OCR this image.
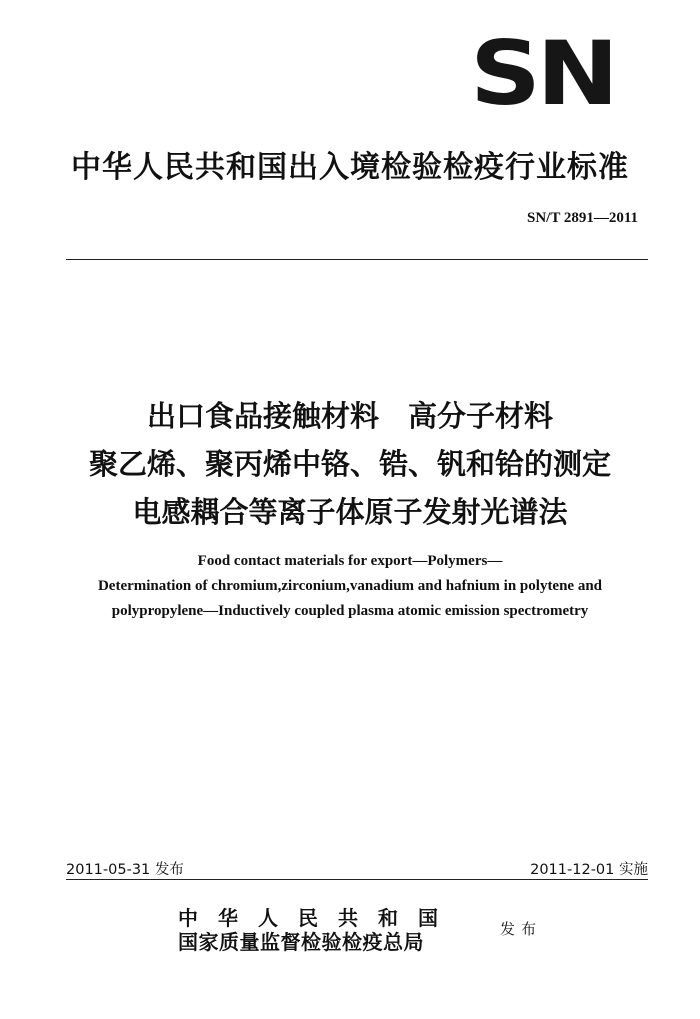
SN
中华人民共和国出入境检验检疫行业标准
SN/T 2891—2011
出口食品接触材料　高分子材料
聚乙烯、聚丙烯中铬、锆、钒和铪的测定
电感耦合等离子体原子发射光谱法
Food contact materials for export—Polymers—
Determination of chromium,zirconium,vanadium and hafnium in polytene and
polypropylene—Inductively coupled plasma atomic emission spectrometry
2011-05-31 发布	2011-12-01 实施
中华人民共和国
国家质量监督检验检疫总局
发布
